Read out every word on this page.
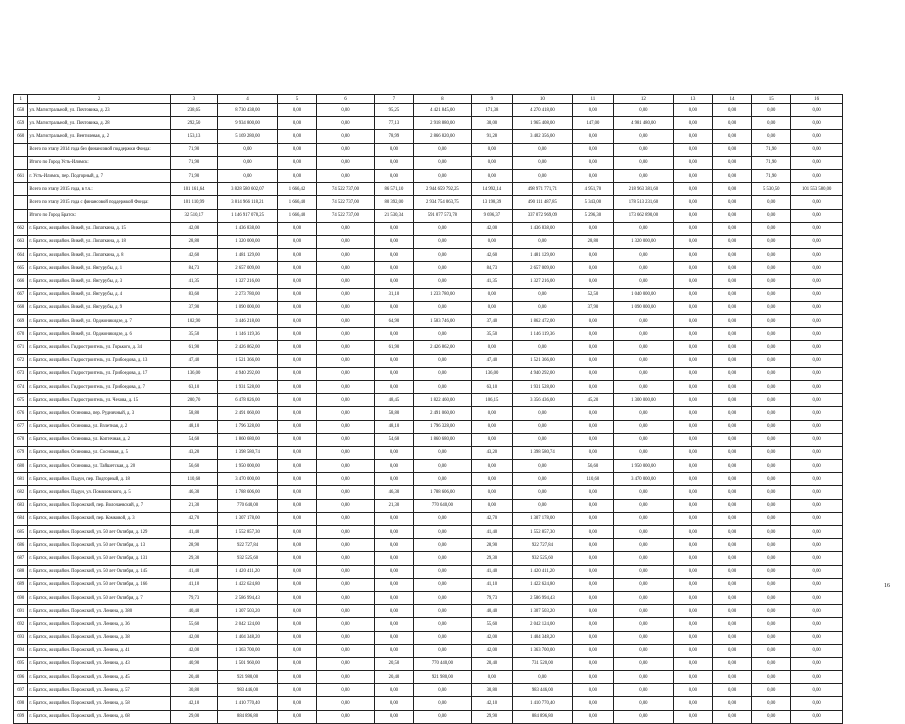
1	2	3	4	5	6	7	8	9	10	11	12	13	14	15	16
658	ул. Магистральной, ул. Почтовика, д. 23	238,65	8 730 438,00	0,00	0,00	95,25	4 421 845,00	171,38	4 270 418,00	0,00	0,00	0,00	0,00	0,00	0,00
659	ул. Магистральной, ул. Почтовика, д. 28	292,50	9 934 800,00	0,00	0,00	77,13	2 918 880,00	30,00	1 965 408,00	147,00	4 981 480,00	0,00	0,00	0,00	0,00
660	ул. Магистральной, ул. Вентилевая, д. 2	153,13	5 169 280,00	0,00	0,00	78,99	2 866 820,00	91,28	3 402 356,00	0,00	0,00	0,00	0,00	0,00	0,00
	Всего по этапу 2014 года без финансовой поддержки Фонда:	71,90	0,00	0,00	0,00	0,00	0,00	0,00	0,00	0,00	0,00	0,00	0,00	71,90	0,00
	Итого по Город Усть-Илимск:	71,90	0,00	0,00	0,00	0,00	0,00	0,00	0,00	0,00	0,00	0,00	0,00	71,90	0,00
661	г. Усть-Илимск, пер. Подгорный, д. 7	71,90	0,00	0,00	0,00	0,00	0,00	0,00	0,00	0,00	0,00	0,00	0,00	71,90	0,00
	Всего по этапу 2015 года, в т.ч.:	101 161,64	3 828 580 602,07	1 666,42	74 522 737,00	86 571,10	2 944 659 792,25	14 992,14	498 971 771,71	4 951,70	218 963 381,60	0,00	0,00	5 530,50	101 553 580,00
	Всего по этапу 2015 года с финансовой поддержкой Фонда:	101 110,99	3 814 966 118,21	1 666,40	74 522 737,00	80 392,00	2 934 754 063,75	13 198,39	490 111 487,85	5 343,00	178 513 231,60	0,00	0,00	0,00	0,00
	Итого по Город Братск:	32 510,17	1 146 917 078,25	1 666,40	74 522 737,00	21 530,34	591 077 573,78	9 696,37	337 072 969,09	5 296,30	173 662 890,00	0,00	0,00	0,00	0,00
662	г. Братск, жилрайон. Bикей, ул. Лопаткина, д. 15	42,00	1 436 838,00	0,00	0,00	0,00	0,00	42,00	1 436 838,00	0,00	0,00	0,00	0,00	0,00	0,00
663	г. Братск, жилрайон. Bикей, ул. Лопаткина, д. 18	28,80	1 320 000,00	0,00	0,00	0,00	0,00	0,00	0,00	28,80	1 320 000,00	0,00	0,00	0,00	0,00
664	г. Братск, жилрайон. Bикей, ул. Лопаткина, д. 8	42,60	1 481 129,00	0,00	0,00	0,00	0,00	42,60	1 481 129,00	0,00	0,00	0,00	0,00	0,00	0,00
665	г. Братск, жилрайон. Bикей, ул. Янгурубы, д. 1	84,73	2 657 009,00	0,00	0,00	0,00	0,00	84,73	2 657 009,00	0,00	0,00	0,00	0,00	0,00	0,00
666	г. Братск, жилрайон. Bикей, ул. Янгурубы, д. 3	41,35	1 327 216,00	0,00	0,00	0,00	0,00	41,35	1 327 216,00	0,00	0,00	0,00	0,00	0,00	0,00
667	г. Братск, жилрайон. Bикей, ул. Янгурубы, д. 4	83,60	2 273 780,00	0,00	0,00	31,10	1 233 780,00	0,00	0,00	52,50	1 040 000,00	0,00	0,00	0,00	0,00
668	г. Братск, жилрайон. Bикей, ул. Янгурубы, д. 9	37,90	1 090 000,00	0,00	0,00	0,00	0,00	0,00	0,00	37,90	1 090 000,00	0,00	0,00	0,00	0,00
669	г. Братск, жилрайон. Bикей, ул. Орджоникидзе, д. 7	102,90	3 446 218,00	0,00	0,00	64,90	1 583 746,00	37,40	1 862 472,00	0,00	0,00	0,00	0,00	0,00	0,00
670	г. Братск, жилрайон. Bикей, ул. Орджоникидзе, д. 6	35,50	1 146 119,36	0,00	0,00	0,00	0,00	35,50	1 146 119,36	0,00	0,00	0,00	0,00	0,00	0,00
671	г. Братск, жилрайон. Гидростроитель, ул. Горького, д. 34	61,90	2 426 862,00	0,00	0,00	61,90	2 426 862,00	0,00	0,00	0,00	0,00	0,00	0,00	0,00	0,00
672	г. Братск, жилрайон. Гидростроитель, ул. Грибоедова, д. 13	47,40	1 521 366,00	0,00	0,00	0,00	0,00	47,40	1 521 366,00	0,00	0,00	0,00	0,00	0,00	0,00
673	г. Братск, жилрайон. Гидростроитель, ул. Грибоедова, д. 17	136,00	4 940 292,00	0,00	0,00	0,00	0,00	136,00	4 940 292,00	0,00	0,00	0,00	0,00	0,00	0,00
674	г. Братск, жилрайон. Гидростроитель, ул. Грибоедова, д. 7	63,10	1 931 528,00	0,00	0,00	0,00	0,00	63,10	1 931 528,00	0,00	0,00	0,00	0,00	0,00	0,00
675	г. Братск, жилрайон. Гидростроитель, ул. Чехова, д. 15	200,70	6 478 826,00	0,00	0,00	48,45	1 822 460,00	106,15	3 356 436,00	45,20	1 300 000,00	0,00	0,00	0,00	0,00
676	г. Братск, жилрайон. Осиновка, пер. Рудничный, д. 3	58,80	2 491 060,00	0,00	0,00	58,80	2 491 060,00	0,00	0,00	0,00	0,00	0,00	0,00	0,00	0,00
677	г. Братск, жилрайон. Осиновка, ул. Взлетная, д. 2	48,10	1 796 328,00	0,00	0,00	48,10	1 796 328,00	0,00	0,00	0,00	0,00	0,00	0,00	0,00	0,00
678	г. Братск, жилрайон. Осиновка, ул. Коптечная, д. 2	54,68	1 860 680,00	0,00	0,00	54,68	1 860 680,00	0,00	0,00	0,00	0,00	0,00	0,00	0,00	0,00
679	г. Братск, жилрайон. Осиновка, ул. Сосновая, д. 5	43,20	1 398 580,74	0,00	0,00	0,00	0,00	43,20	1 398 580,74	0,00	0,00	0,00	0,00	0,00	0,00
680	г. Братск, жилрайон. Осиновка, ул. Тайшетская, д. 20	56,60	1 950 000,00	0,00	0,00	0,00	0,00	0,00	0,00	56,60	1 950 000,00	0,00	0,00	0,00	0,00
681	г. Братск, жилрайон. Падун, пер. Подгорный, д. 18	110,60	3 470 000,00	0,00	0,00	0,00	0,00	0,00	0,00	110,60	3 470 000,00	0,00	0,00	0,00	0,00
682	г. Братск, жилрайон. Падун, ул. Помяловского, д. 5	46,30	1 788 606,00	0,00	0,00	46,30	1 788 606,00	0,00	0,00	0,00	0,00	0,00	0,00	0,00	0,00
683	г. Братск, жилрайон. Порожский, пер. Волочаевский, д. 7	21,30	770 640,00	0,00	0,00	21,30	770 640,00	0,00	0,00	0,00	0,00	0,00	0,00	0,00	0,00
684	г. Братск, жилрайон. Порожский, пер. Комковой, д. 3	42,70	1 307 178,00	0,00	0,00	0,00	0,00	42,70	1 307 178,00	0,00	0,00	0,00	0,00	0,00	0,00
685	г. Братск, жилрайон. Порожский, ул. 50 лет Октября, д. 129	41,40	1 552 857,30	0,00	0,00	0,00	0,00	41,40	1 552 857,30	0,00	0,00	0,00	0,00	0,00	0,00
686	г. Братск, жилрайон. Порожский, ул. 50 лет Октября, д. 13	28,90	922 727,84	0,00	0,00	0,00	0,00	28,90	922 727,84	0,00	0,00	0,00	0,00	0,00	0,00
687	г. Братск, жилрайон. Порожский, ул. 50 лет Октября, д. 131	29,30	932 525,60	0,00	0,00	0,00	0,00	29,30	932 525,60	0,00	0,00	0,00	0,00	0,00	0,00
688	г. Братск, жилрайон. Порожский, ул. 50 лет Октября, д. 145	41,40	1 420 411,20	0,00	0,00	0,00	0,00	41,40	1 420 411,20	0,00	0,00	0,00	0,00	0,00	0,00
689	г. Братск, жилрайон. Порожский, ул. 50 лет Октября, д. 166	41,10	1 422 624,80	0,00	0,00	0,00	0,00	41,10	1 422 624,80	0,00	0,00	0,00	0,00	0,00	0,00
690	г. Братск, жилрайон. Порожский, ул. 50 лет Октября, д. 7	79,73	2 586 994,43	0,00	0,00	0,00	0,00	79,73	2 586 994,43	0,00	0,00	0,00	0,00	0,00	0,00
691	г. Братск, жилрайон. Порожский, ул. Ленина, д. 380	40,40	1 307 503,20	0,00	0,00	0,00	0,00	40,40	1 307 503,20	0,00	0,00	0,00	0,00	0,00	0,00
692	г. Братск, жилрайон. Порожский, ул. Ленина, д. 36	55,60	2 042 124,00	0,00	0,00	0,00	0,00	55,60	2 042 124,00	0,00	0,00	0,00	0,00	0,00	0,00
693	г. Братск, жилрайон. Порожский, ул. Ленина, д. 38	42,00	1 404 348,20	0,00	0,00	0,00	0,00	42,00	1 404 348,20	0,00	0,00	0,00	0,00	0,00	0,00
694	г. Братск, жилрайон. Порожский, ул. Ленина, д. 41	42,00	1 363 700,00	0,00	0,00	0,00	0,00	42,00	1 363 700,00	0,00	0,00	0,00	0,00	0,00	0,00
695	г. Братск, жилрайон. Порожский, ул. Ленина, д. 43	40,90	1 501 960,00	0,00	0,00	20,50	770 440,00	20,40	731 520,00	0,00	0,00	0,00	0,00	0,00	0,00
696	г. Братск, жилрайон. Порожский, ул. Ленина, д. 45	20,40	921 980,00	0,00	0,00	20,40	921 980,00	0,00	0,00	0,00	0,00	0,00	0,00	0,00	0,00
697	г. Братск, жилрайон. Порожский, ул. Ленина, д. 57	30,80	983 446,00	0,00	0,00	0,00	0,00	30,80	983 446,00	0,00	0,00	0,00	0,00	0,00	0,00
698	г. Братск, жилрайон. Порожский, ул. Ленина, д. 58	42,10	1 410 770,40	0,00	0,00	0,00	0,00	42,10	1 410 770,40	0,00	0,00	0,00	0,00	0,00	0,00
699	г. Братск, жилрайон. Порожский, ул. Ленина, д. 68	29,00	884 896,80	0,00	0,00	0,00	0,00	29,90	884 896,80	0,00	0,00	0,00	0,00	0,00	0,00
16
